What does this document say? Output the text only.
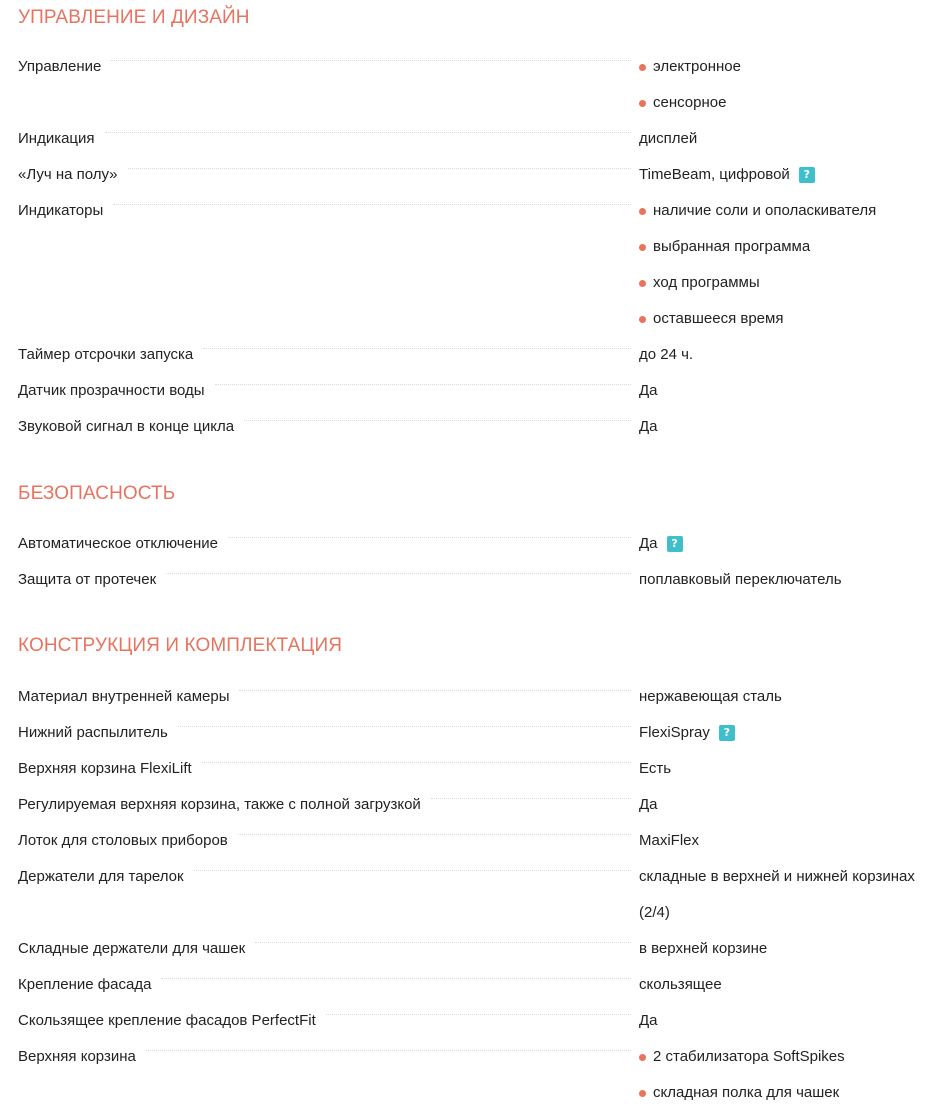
УПРАВЛЕНИЕ И ДИЗАЙН
Управление	электронное
сенсорное
Индикация	дисплей
«Луч на полу»	TimeBeam, цифровой	?
Индикаторы	наличие соли и ополаскивателя
выбранная программа
ход программы
оставшееся время
Таймер отсрочки запуска	до 24 ч.
Датчик прозрачности воды	Да
Звуковой сигнал в конце цикла	Да
БЕЗОПАСНОСТЬ
Автоматическое отключение	Да	?
Защита от протечек	поплавковый переключатель
КОНСТРУКЦИЯ И КОМПЛЕКТАЦИЯ
Материал внутренней камеры	нержавеющая сталь
Нижний распылитель	FlexiSpray	?
Верхняя корзина FlexiLift	Есть
Регулируемая верхняя корзина, также с полной загрузкой	Да
Лоток для столовых приборов	MaxiFlex
Держатели для тарелок	складные в верхней и нижней корзинах
(2/4)
Складные держатели для чашек	в верхней корзине
Крепление фасада	скользящее
Скользящее крепление фасадов PerfectFit	Да
Верхняя корзина	2 стабилизатора SoftSpikes
складная полка для чашек
